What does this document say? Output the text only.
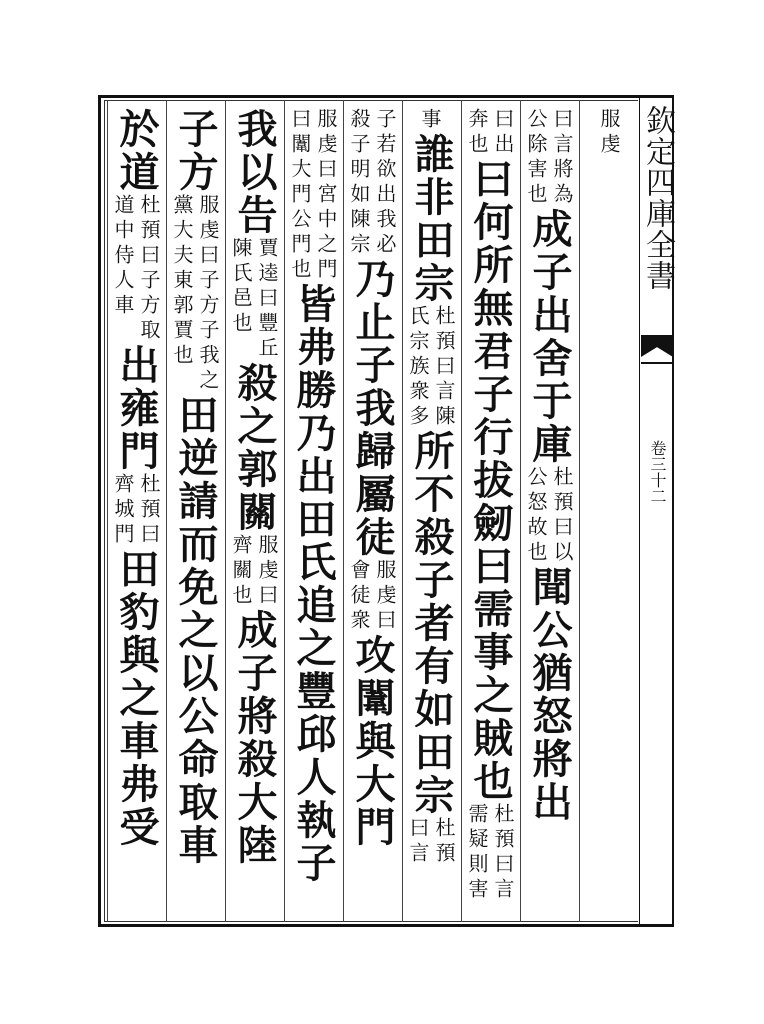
欽定四庫全書
卷三十二
服虔
曰言將為
公除害也
成子出舍于庫
杜預曰以
公怒故也
聞公猶怒將出
曰出
奔也
曰何所無君子行拔劒曰需事之賊也
杜預曰言
需疑則害
事
誰非田宗
杜預曰言陳
氏宗族衆多
所不殺子者有如田宗
杜預
曰言
子若欲出我必
殺子明如陳宗
乃止子我歸屬徒
服虔曰
會徒衆
攻闈與大門
服虔曰宮中之門
曰闈大門公門也
皆弗勝乃出田氏追之豐邱人執子
我以告
賈逵曰豐丘
陳氏邑也
殺之郭關
服虔曰
齊關也
成子將殺大陸
子方
服虔曰子方子我之
黨大夫東郭賈也
田逆請而免之以公命取車
於道
杜預曰子方取
道中侍人車
出雍門
杜預曰
齊城門
田豹與之車弗受
